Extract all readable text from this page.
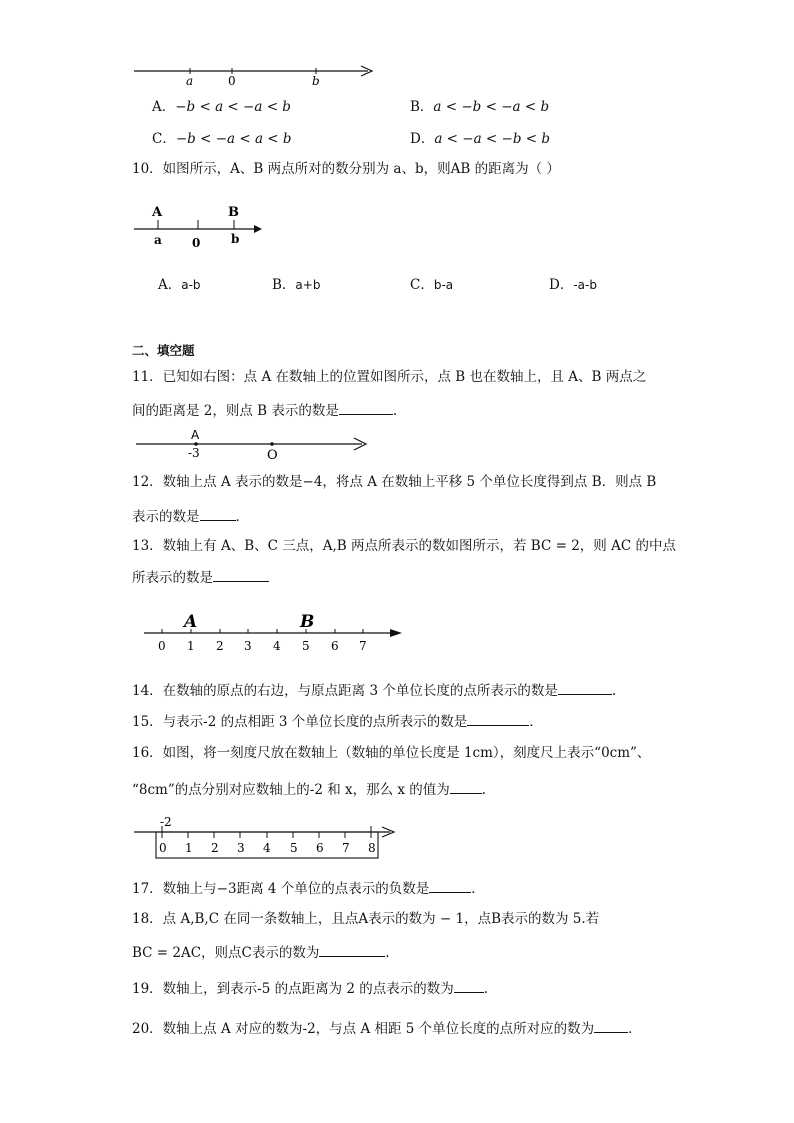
a	0	b
A．−b < a < −a < b	B．a < −b < −a < b
C．−b < −a < a < b	D．a < −a < −b < b
10．如图所示，A、B 两点所对的数分别为 a、b，则AB 的距离为（ ）
A	B
a	0	b
A．a-b	B．a+b	C．b-a	D．-a-b
二、填空题
11．已知如右图：点 A 在数轴上的位置如图所示，点 B 也在数轴上，且 A、B 两点之
间的距离是 2，则点 B 表示的数是	.
A
-3	O
12．数轴上点 A 表示的数是−4，将点 A 在数轴上平移 5 个单位长度得到点 B．则点 B
表示的数是	．
13．数轴上有 A、B、C 三点，A,B 两点所表示的数如图所示，若 BC = 2，则 AC 的中点
所表示的数是
A	B
0 1 2 3 4 5 6 7
14．在数轴的原点的右边，与原点距离 3 个单位长度的点所表示的数是	.
15．与表示-2 的点相距 3 个单位长度的点所表示的数是	．
16．如图，将一刻度尺放在数轴上（数轴的单位长度是 1cm），刻度尺上表示“0cm”、
“8cm”的点分别对应数轴上的-2 和 x，那么 x 的值为 .
-2
0 1 2 3 4 5 6 7 8
17．数轴上与−3距离 4 个单位的点表示的负数是	．
18．点 A,B,C 在同一条数轴上，且点A表示的数为 − 1，点B表示的数为 5.若
BC = 2AC，则点C表示的数为	.
19．数轴上，到表示-5 的点距离为 2 的点表示的数为 .
20．数轴上点 A 对应的数为-2，与点 A 相距 5 个单位长度的点所对应的数为	．
